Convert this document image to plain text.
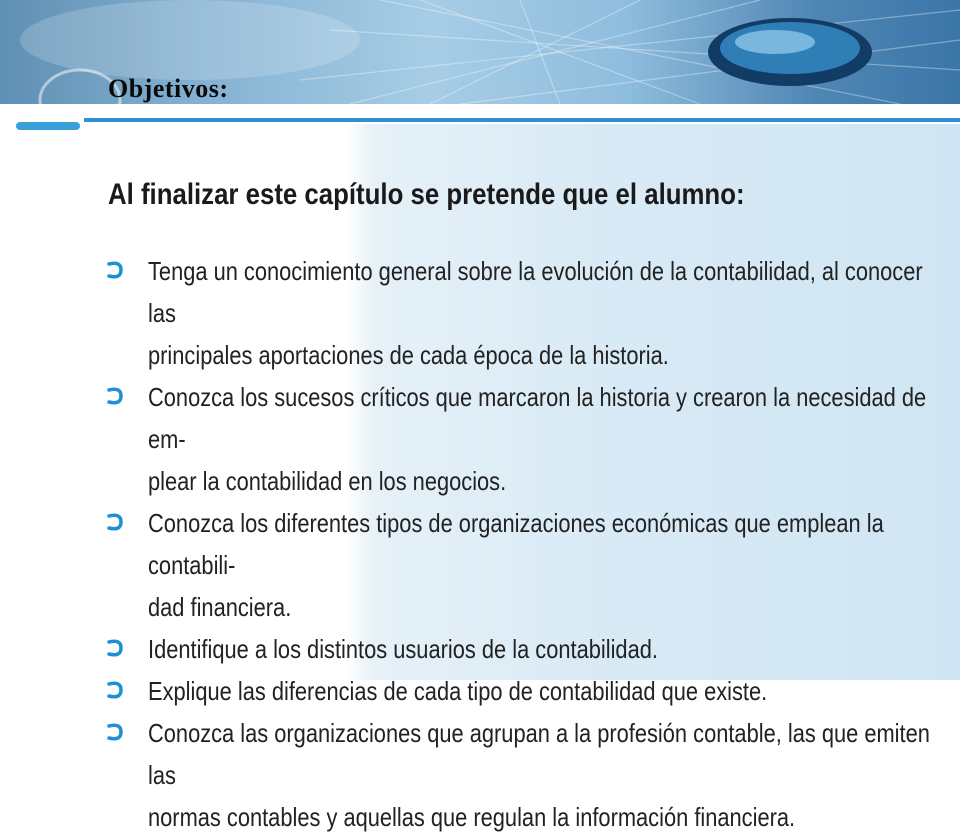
Objetivos:
Al finalizar este capítulo se pretende que el alumno:
Tenga un conocimiento general sobre la evolución de la contabilidad, al conocer las
principales aportaciones de cada época de la historia.
Conozca los sucesos críticos que marcaron la historia y crearon la necesidad de em-
plear la contabilidad en los negocios.
Conozca los diferentes tipos de organizaciones económicas que emplean la contabili-
dad financiera.
Identifique a los distintos usuarios de la contabilidad.
Explique las diferencias de cada tipo de contabilidad que existe.
Conozca las organizaciones que agrupan a la profesión contable, las que emiten las
normas contables y aquellas que regulan la información financiera.
